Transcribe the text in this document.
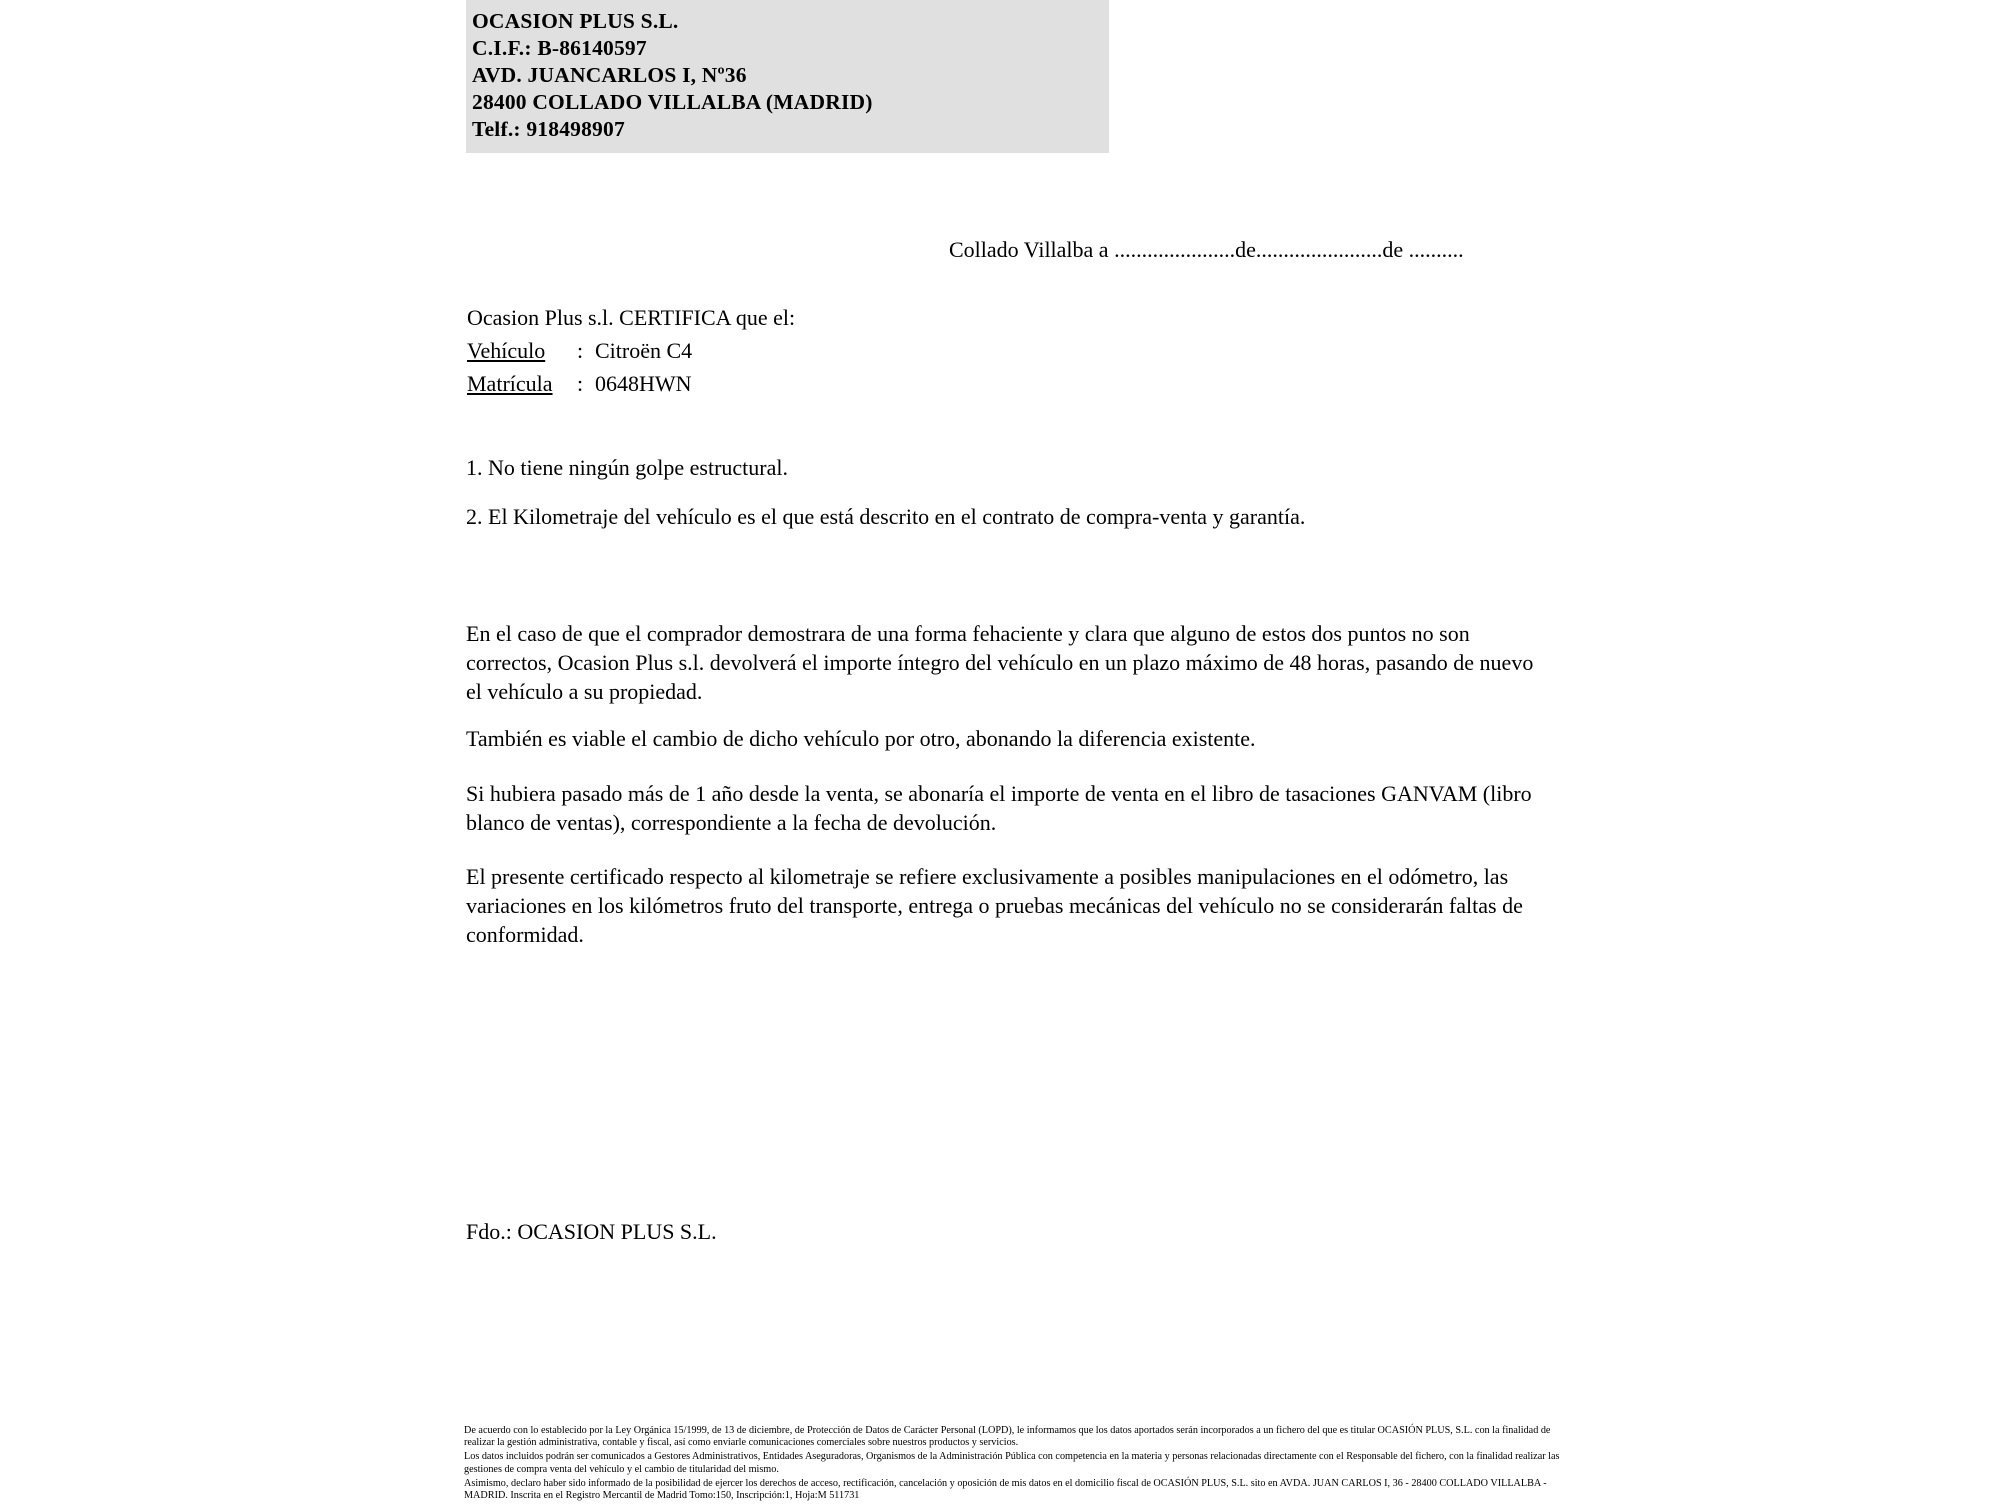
OCASION PLUS S.L.
C.I.F.: B-86140597
AVD. JUANCARLOS I, Nº36
28400 COLLADO VILLALBA (MADRID)
Telf.: 918498907
Collado Villalba a ......................de.......................de ..........
Ocasion Plus s.l. CERTIFICA que el:
Vehículo	: Citroën C4
Matrícula	: 0648HWN
1. No tiene ningún golpe estructural.
2. El Kilometraje del vehículo es el que está descrito en el contrato de compra-venta y garantía.
En el caso de que el comprador demostrara de una forma fehaciente y clara que alguno de estos dos puntos no son correctos, Ocasion Plus s.l. devolverá el importe íntegro del vehículo en un plazo máximo de 48 horas, pasando de nuevo el vehículo a su propiedad.
También es viable el cambio de dicho vehículo por otro, abonando la diferencia existente.
Si hubiera pasado más de 1 año desde la venta, se abonaría el importe de venta en el libro de tasaciones GANVAM (libro blanco de ventas), correspondiente a la fecha de devolución.
El presente certificado respecto al kilometraje se refiere exclusivamente a posibles manipulaciones en el odómetro, las variaciones en los kilómetros fruto del transporte, entrega o pruebas mecánicas del vehículo no se considerarán faltas de conformidad.
Fdo.: OCASION PLUS S.L.

De acuerdo con lo establecido por la Ley Orgánica 15/1999, de 13 de diciembre, de Protección de Datos de Carácter Personal (LOPD), le informamos que los datos aportados serán incorporados a un fichero del que es titular OCASIÓN PLUS, S.L. con la finalidad de realizar la gestión administrativa, contable y fiscal, así como enviarle comunicaciones comerciales sobre nuestros productos y servicios.

Los datos incluidos podrán ser comunicados a Gestores Administrativos, Entidades Aseguradoras, Organismos de la Administración Pública con competencia en la materia y personas relacionadas directamente con el Responsable del fichero, con la finalidad realizar las gestiones de compra venta del vehículo y el cambio de titularidad del mismo.

Asimismo, declaro haber sido informado de la posibilidad de ejercer los derechos de acceso, rectificación, cancelación y oposición de mis datos en el domicilio fiscal de OCASIÓN PLUS, S.L. sito en AVDA. JUAN CARLOS I, 36 - 28400 COLLADO VILLALBA - MADRID. Inscrita en el Registro Mercantil de Madrid Tomo:150, Inscripción:1, Hoja:M 511731
